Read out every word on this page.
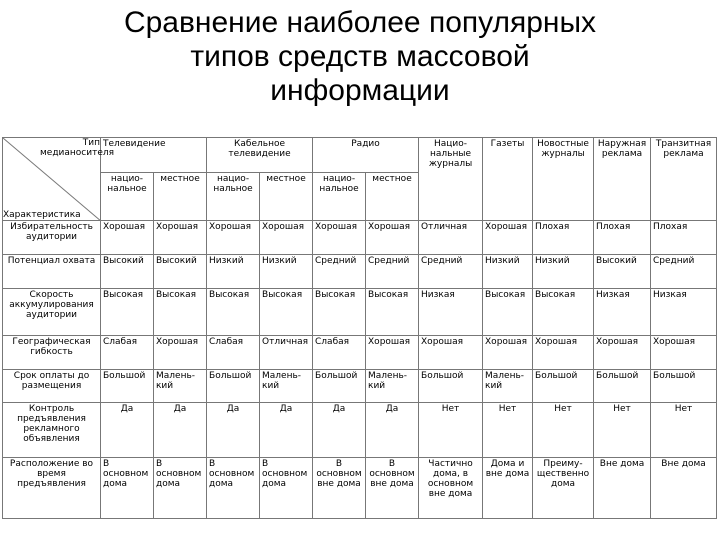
Сравнение наиболее популярных
типов средств массовой
информации
Тип медианосителя
Характеристика	Телевидение		Кабельное телевидение		Радио		Нацио-нальные журналы	Газеты	Новостные журналы	Наружная реклама	Транзитная реклама
	нацио-нальное	местное	нацио-нальное	местное	нацио-нальное	местное					
Избирательность аудитории	Хорошая	Хорошая	Хорошая	Хорошая	Хорошая	Хорошая	Отличная	Хорошая	Плохая	Плохая	Плохая
Потенциал охвата	Высокий	Высокий	Низкий	Низкий	Средний	Средний	Средний	Низкий	Низкий	Высокий	Средний
Скорость аккумулирования аудитории	Высокая	Высокая	Высокая	Высокая	Высокая	Высокая	Низкая	Высокая	Высокая	Низкая	Низкая
Географическая гибкость	Слабая	Хорошая	Слабая	Отличная	Слабая	Хорошая	Хорошая	Хорошая	Хорошая	Хорошая	Хорошая
Срок оплаты до размещения	Большой	Малень-кий	Большой	Малень-кий	Большой	Малень-кий	Большой	Малень-кий	Большой	Большой	Большой
Контроль предъявления рекламного объявления	Да	Да	Да	Да	Да	Да	Нет	Нет	Нет	Нет	Нет
Расположение во время предъявления	В основном дома	В основном дома	В основном дома	В основном дома	В основном вне дома	В основном вне дома	Частично дома, в основном вне дома	Дома и вне дома	Преиму-щественно дома	Вне дома	Вне дома
